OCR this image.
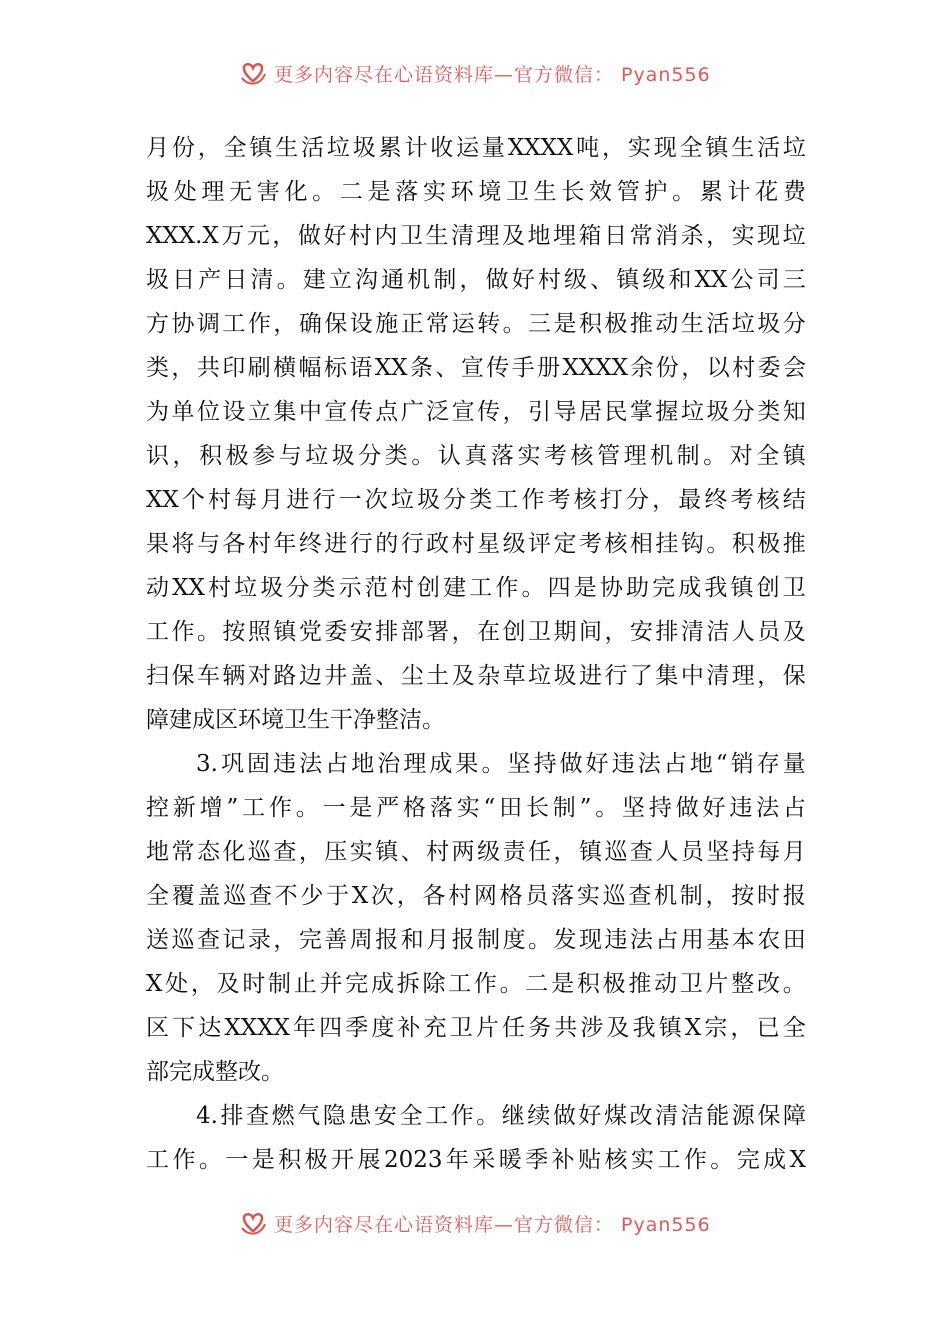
更多内容尽在心语资料库—官方微信： Pyan556
月 份 ， 全 镇 生 活 垃 圾 累 计 收 运 量 XXXX 吨 ， 实 现 全 镇 生 活 垃
圾 处 理 无 害 化 。 二 是 落 实 环 境 卫 生 长 效 管 护 。 累 计 花 费
XXX.X 万 元 ， 做 好 村 内 卫 生 清 理 及 地 埋 箱 日 常 消 杀 ， 实 现 垃
圾 日 产 日 清 。 建 立 沟 通 机 制 ， 做 好 村 级 、 镇 级 和 XX 公 司 三
方 协 调 工 作 ， 确 保 设 施 正 常 运 转 。 三 是 积 极 推 动 生 活 垃 圾 分
类 ， 共 印 刷 横 幅 标 语 XX 条 、 宣 传 手 册 XXXX 余 份 ， 以 村 委 会
为 单 位 设 立 集 中 宣 传 点 广 泛 宣 传 ， 引 导 居 民 掌 握 垃 圾 分 类 知
识 ， 积 极 参 与 垃 圾 分 类 。 认 真 落 实 考 核 管 理 机 制 。 对 全 镇
XX 个 村 每 月 进 行 一 次 垃 圾 分 类 工 作 考 核 打 分 ， 最 终 考 核 结
果 将 与 各 村 年 终 进 行 的 行 政 村 星 级 评 定 考 核 相 挂 钩 。 积 极 推
动 XX 村 垃 圾 分 类 示 范 村 创 建 工 作 。 四 是 协 助 完 成 我 镇 创 卫
工 作 。 按 照 镇 党 委 安 排 部 署 ， 在 创 卫 期 间 ， 安 排 清 洁 人 员 及
扫 保 车 辆 对 路 边 井 盖 、 尘 土 及 杂 草 垃 圾 进 行 了 集 中 清 理 ， 保
障 建 成 区 环 境 卫 生 干 净 整 洁 。
3. 巩 固 违 法 占 地 治 理 成 果 。 坚 持 做 好 违 法 占 地 “ 销 存 量
控 新 增 ” 工 作 。 一 是 严 格 落 实 “ 田 长 制 ” 。 坚 持 做 好 违 法 占
地 常 态 化 巡 查 ， 压 实 镇 、 村 两 级 责 任 ， 镇 巡 查 人 员 坚 持 每 月
全 覆 盖 巡 查 不 少 于 X 次 ， 各 村 网 格 员 落 实 巡 查 机 制 ， 按 时 报
送 巡 查 记 录 ， 完 善 周 报 和 月 报 制 度 。 发 现 违 法 占 用 基 本 农 田
X 处 ， 及 时 制 止 并 完 成 拆 除 工 作 。 二 是 积 极 推 动 卫 片 整 改 。
区 下 达 XXXX 年 四 季 度 补 充 卫 片 任 务 共 涉 及 我 镇 X 宗 ， 已 全
部 完 成 整 改 。
4. 排 查 燃 气 隐 患 安 全 工 作 。 继 续 做 好 煤 改 清 洁 能 源 保 障
工 作 。 一 是 积 极 开 展 2023 年 采 暖 季 补 贴 核 实 工 作 。 完 成 X
更多内容尽在心语资料库—官方微信： Pyan556
